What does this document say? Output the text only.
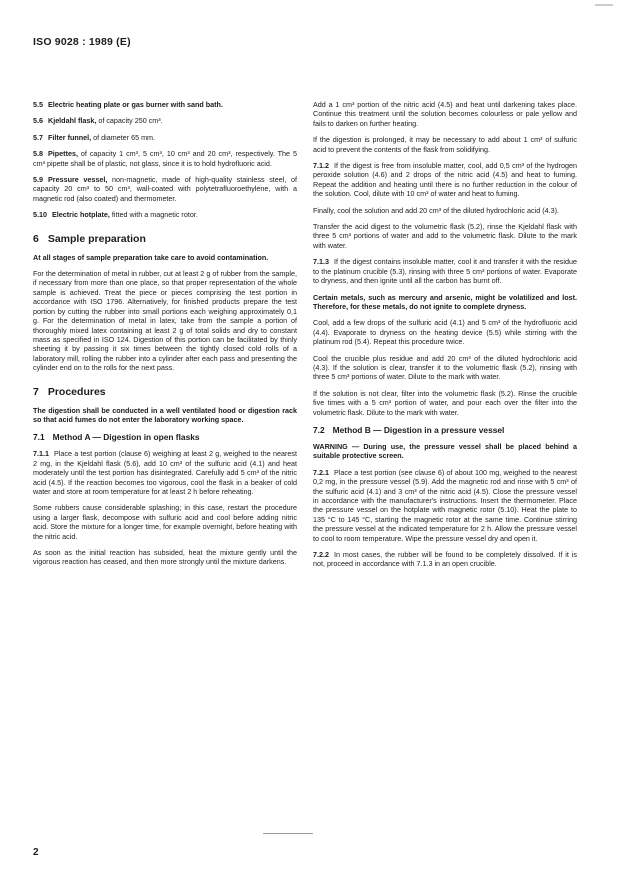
ISO 9028 : 1989 (E)

5.5 Electric heating plate or gas burner with sand bath.

5.6 Kjeldahl flask, of capacity 250 cm³.

5.7 Filter funnel, of diameter 65 mm.

5.8 Pipettes, of capacity 1 cm³, 5 cm³, 10 cm³ and 20 cm³, respectively. The 5 cm³ pipette shall be of plastic, not glass, since it is to hold hydrofluoric acid.

5.9 Pressure vessel, non-magnetic, made of high-quality stainless steel, of capacity 20 cm³ to 50 cm³, wall-coated with polytetrafluoroethylene, with a magnetic rod (also coated) and thermometer.

5.10 Electric hotplate, fitted with a magnetic rotor.

6 Sample preparation

At all stages of sample preparation take care to avoid contamination.

For the determination of metal in rubber, cut at least 2 g of rubber from the sample, if necessary from more than one place, so that proper representation of the whole sample is achieved. Treat the piece or pieces comprising the test portion in accordance with ISO 1796. Alternatively, for finished products prepare the test portion by cutting the rubber into small portions each weighing approximately 0,1 g. For the determination of metal in latex, take from the sample a portion of thoroughly mixed latex containing at least 2 g of total solids and dry to constant mass as specified in ISO 124. Digestion of this portion can be facilitated by thinly sheeting it by passing it six times between the tightly closed cold rolls of a laboratory mill, rolling the rubber into a cylinder after each pass and presenting the cylinder end on to the rolls for the next pass.

7 Procedures

The digestion shall be conducted in a well ventilated hood or digestion rack so that acid fumes do not enter the laboratory working space.

7.1 Method A — Digestion in open flasks

7.1.1 Place a test portion (clause 6) weighing at least 2 g, weighed to the nearest 2 mg, in the Kjeldahl flask (5.6), add 10 cm³ of the sulfuric acid (4.1) and heat moderately until the test portion has disintegrated. Carefully add 5 cm³ of the nitric acid (4.5). If the reaction becomes too vigorous, cool the flask in a beaker of cold water and store at room temperature for at least 2 h before reheating.

Some rubbers cause considerable splashing; in this case, restart the procedure using a larger flask, decompose with sulfuric acid and cool before adding nitric acid. Store the mixture for a longer time, for example overnight, before heating with the nitric acid.

As soon as the initial reaction has subsided, heat the mixture gently until the vigorous reaction has ceased, and then more strongly until the mixture darkens.

Add a 1 cm³ portion of the nitric acid (4.5) and heat until darkening takes place. Continue this treatment until the solution becomes colourless or pale yellow and fails to darken on further heating.

If the digestion is prolonged, it may be necessary to add about 1 cm³ of sulfuric acid to prevent the contents of the flask from solidifying.

7.1.2 If the digest is free from insoluble matter, cool, add 0,5 cm³ of the hydrogen peroxide solution (4.6) and 2 drops of the nitric acid (4.5) and heat to fuming. Repeat the addition and heating until there is no further reduction in the colour of the solution. Cool, dilute with 10 cm³ of water and heat to fuming.

Finally, cool the solution and add 20 cm³ of the diluted hydrochloric acid (4.3).

Transfer the acid digest to the volumetric flask (5.2), rinse the Kjeldahl flask with three 5 cm³ portions of water and add to the volumetric flask. Dilute to the mark with water.

7.1.3 If the digest contains insoluble matter, cool it and transfer it with the residue to the platinum crucible (5.3), rinsing with three 5 cm³ portions of water. Evaporate to dryness, and then ignite until all the carbon has burnt off.

Certain metals, such as mercury and arsenic, might be volatilized and lost. Therefore, for these metals, do not ignite to complete dryness.

Cool, add a few drops of the sulfuric acid (4.1) and 5 cm³ of the hydrofluoric acid (4.4). Evaporate to dryness on the heating device (5.5) while stirring with the platinum rod (5.4). Repeat this procedure twice.

Cool the crucible plus residue and add 20 cm³ of the diluted hydrochloric acid (4.3). If the solution is clear, transfer it to the volumetric flask (5.2), rinsing with three 5 cm³ portions of water. Dilute to the mark with water.

If the solution is not clear, filter into the volumetric flask (5.2). Rinse the crucible five times with a 5 cm³ portion of water, and pour each over the filter into the volumetric flask. Dilute to the mark with water.

7.2 Method B — Digestion in a pressure vessel

WARNING — During use, the pressure vessel shall be placed behind a suitable protective screen.

7.2.1 Place a test portion (see clause 6) of about 100 mg, weighed to the nearest 0,2 mg, in the pressure vessel (5.9). Add the magnetic rod and rinse with 5 cm³ of the sulfuric acid (4.1) and 3 cm³ of the nitric acid (4.5). Close the pressure vessel in accordance with the manufacturer's instructions. Insert the thermometer. Place the pressure vessel on the hotplate with magnetic rotor (5.10). Heat the plate to 135 °C to 145 °C, starting the magnetic rotor at the same time. Continue stirring the pressure vessel at the indicated temperature for 2 h. Allow the pressure vessel to cool to room temperature. Wipe the pressure vessel dry and open it.

7.2.2 In most cases, the rubber will be found to be completely dissolved. If it is not, proceed in accordance with 7.1.3 in an open crucible.

2
